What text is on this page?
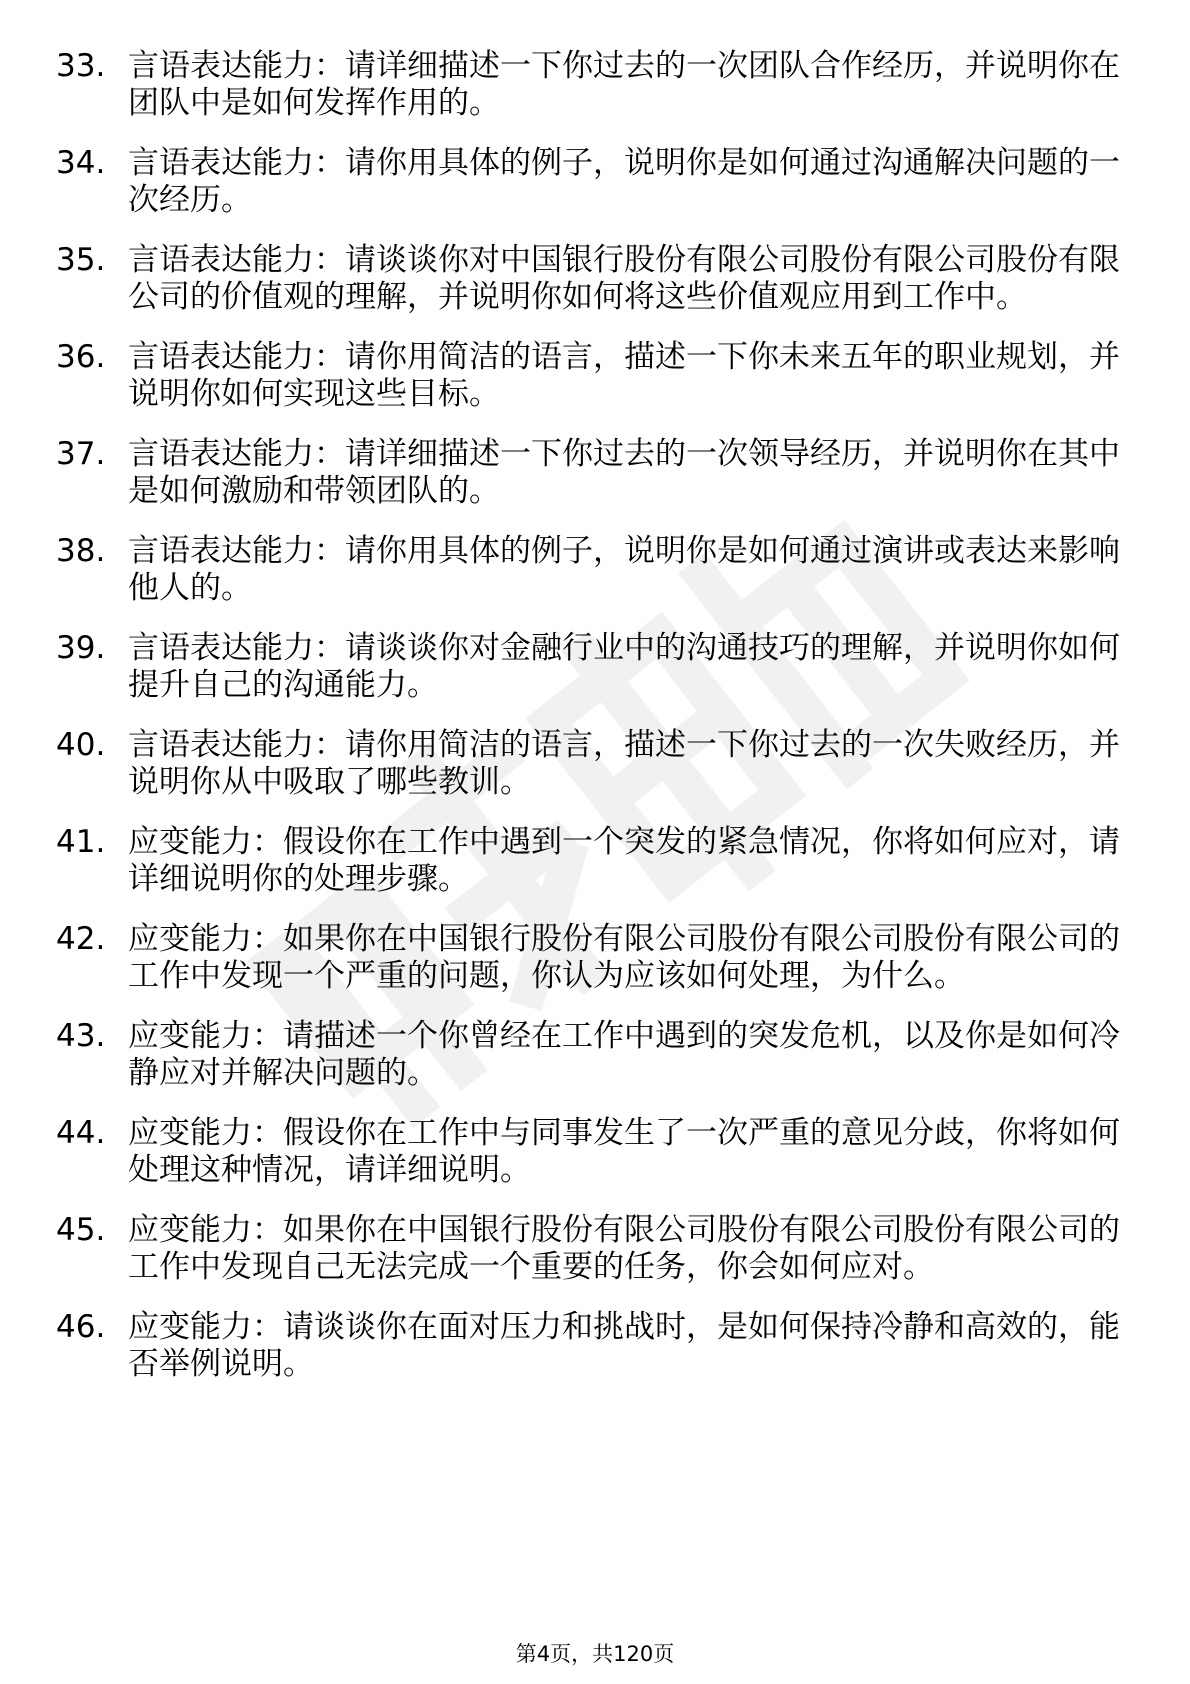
33. 言语表达能力：请详细描述一下你过去的一次团队合作经历，并说明你在团队中是如何发挥作用的。
34. 言语表达能力：请你用具体的例子，说明你是如何通过沟通解决问题的一次经历。
35. 言语表达能力：请谈谈你对中国银行股份有限公司股份有限公司股份有限公司的价值观的理解，并说明你如何将这些价值观应用到工作中。
36. 言语表达能力：请你用简洁的语言，描述一下你未来五年的职业规划，并说明你如何实现这些目标。
37. 言语表达能力：请详细描述一下你过去的一次领导经历，并说明你在其中是如何激励和带领团队的。
38. 言语表达能力：请你用具体的例子，说明你是如何通过演讲或表达来影响他人的。
39. 言语表达能力：请谈谈你对金融行业中的沟通技巧的理解，并说明你如何提升自己的沟通能力。
40. 言语表达能力：请你用简洁的语言，描述一下你过去的一次失败经历，并说明你从中吸取了哪些教训。
41. 应变能力：假设你在工作中遇到一个突发的紧急情况，你将如何应对，请详细说明你的处理步骤。
42. 应变能力：如果你在中国银行股份有限公司股份有限公司股份有限公司的工作中发现一个严重的问题，你认为应该如何处理，为什么。
43. 应变能力：请描述一个你曾经在工作中遇到的突发危机，以及你是如何冷静应对并解决问题的。
44. 应变能力：假设你在工作中与同事发生了一次严重的意见分歧，你将如何处理这种情况，请详细说明。
45. 应变能力：如果你在中国银行股份有限公司股份有限公司股份有限公司的工作中发现自己无法完成一个重要的任务，你会如何应对。
46. 应变能力：请谈谈你在面对压力和挑战时，是如何保持冷静和高效的，能否举例说明。
第4页，共120页
